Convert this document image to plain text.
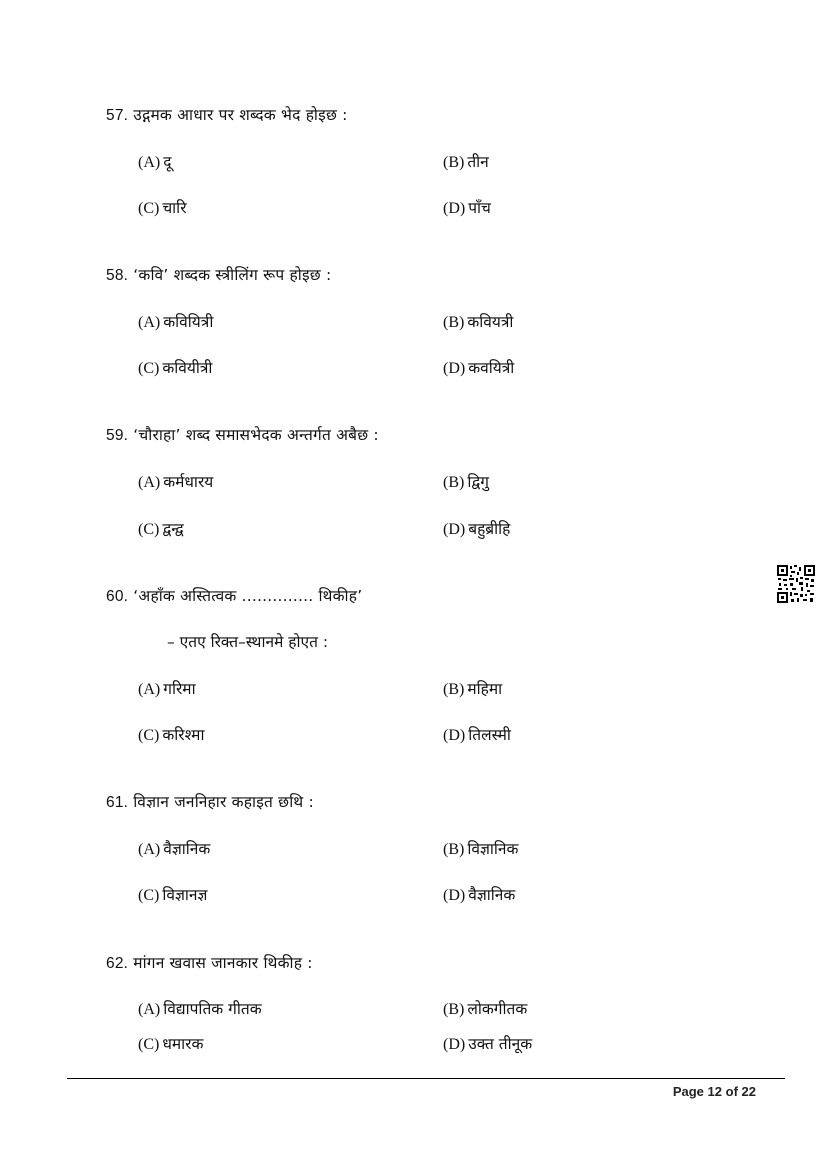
57. उद्गमक आधार पर शब्दक भेद होइछ :
(A) दू	(B) तीन
(C) चारि	(D) पाँच
58. ‘कवि’ शब्दक स्त्रीलिंग रूप होइछ :
(A) कवियित्री	(B) कवियत्री
(C) कवियीत्री	(D) कवयित्री
59. ‘चौराहा’ शब्द समासभेदक अन्तर्गत अबैछ :
(A) कर्मधारय	(B) द्विगु
(C) द्वन्द्व	(D) बहुब्रीहि
60. ‘अहाँक अस्तित्वक .............. थिकीह’
– एतए रिक्त–स्थानमे होएत :
(A) गरिमा	(B) महिमा
(C) करिश्मा	(D) तिलस्मी
61. विज्ञान जननिहार कहाइत छथि :
(A) वैज्ञानिक	(B) विज्ञानिक
(C) विज्ञानज्ञ	(D) वैज्ञानिक
62. मांगन खवास जानकार थिकीह :
(A) विद्यापतिक गीतक	(B) लोकगीतक
(C) धमारक	(D) उक्त तीनूक
Page 12 of 22
